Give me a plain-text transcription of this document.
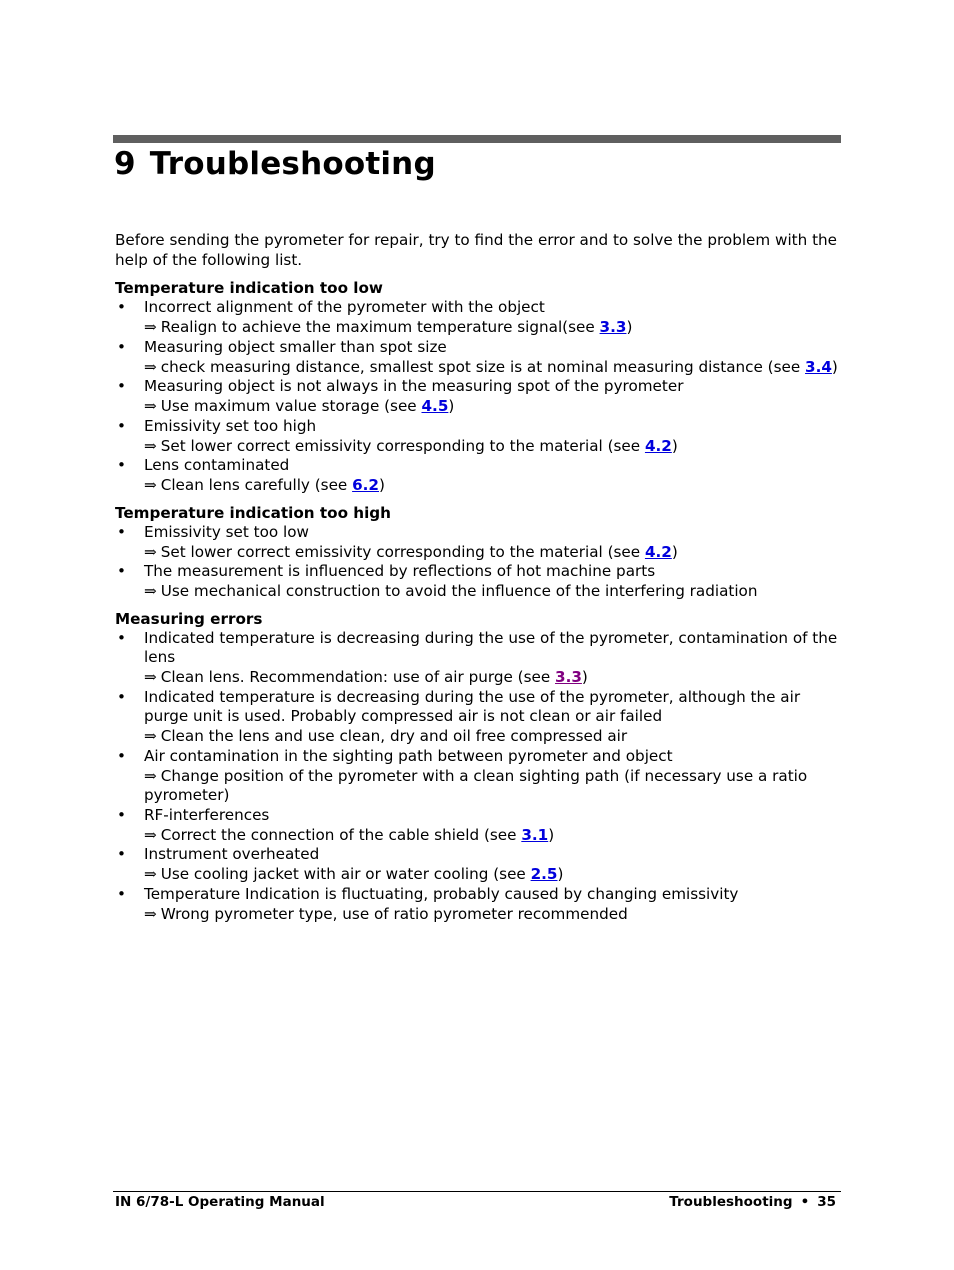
9 Troubleshooting

Before sending the pyrometer for repair, try to find the error and to solve the problem with the help of the following list.

Temperature indication too low

• Incorrect alignment of the pyrometer with the object
⇒ Realign to achieve the maximum temperature signal(see 3.3)
• Measuring object smaller than spot size
⇒ check measuring distance, smallest spot size is at nominal measuring distance (see 3.4)
• Measuring object is not always in the measuring spot of the pyrometer
⇒ Use maximum value storage (see 4.5)
• Emissivity set too high
⇒ Set lower correct emissivity corresponding to the material (see 4.2)
• Lens contaminated
⇒ Clean lens carefully (see 6.2)

Temperature indication too high

• Emissivity set too low
⇒ Set lower correct emissivity corresponding to the material (see 4.2)
• The measurement is influenced by reflections of hot machine parts
⇒ Use mechanical construction to avoid the influence of the interfering radiation

Measuring errors

• Indicated temperature is decreasing during the use of the pyrometer, contamination of the lens
⇒ Clean lens. Recommendation: use of air purge (see 3.3)
• Indicated temperature is decreasing during the use of the pyrometer, although the air purge unit is used. Probably compressed air is not clean or air failed
⇒ Clean the lens and use clean, dry and oil free compressed air
• Air contamination in the sighting path between pyrometer and object
⇒ Change position of the pyrometer with a clean sighting path (if necessary use a ratio pyrometer)
• RF-interferences
⇒ Correct the connection of the cable shield (see 3.1)
• Instrument overheated
⇒ Use cooling jacket with air or water cooling (see 2.5)
• Temperature Indication is fluctuating, probably caused by changing emissivity
⇒ Wrong pyrometer type, use of ratio pyrometer recommended
IN 6/78-L Operating Manual	Troubleshooting • 35
